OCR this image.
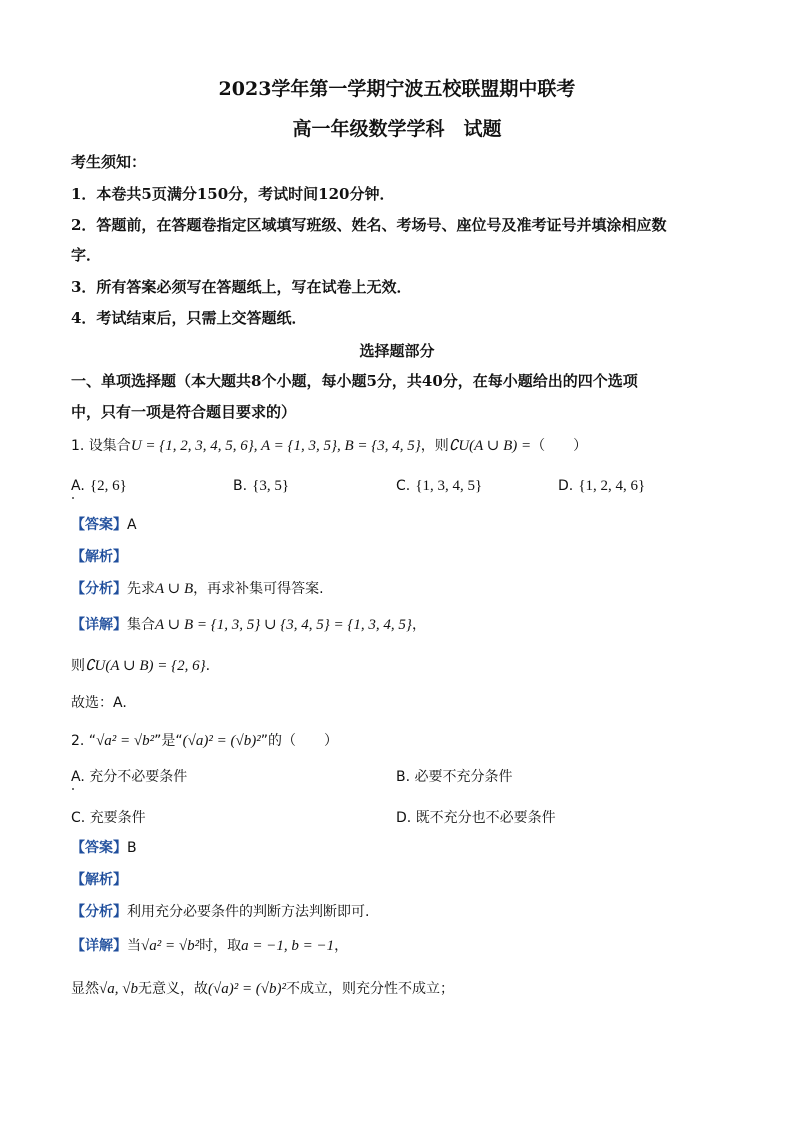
2023学年第一学期宁波五校联盟期中联考
高一年级数学学科　试题
考生须知：
1．本卷共5页满分150分，考试时间120分钟．
2．答题前，在答题卷指定区域填写班级、姓名、考场号、座位号及准考证号并填涂相应数
字．
3．所有答案必须写在答题纸上，写在试卷上无效．
4．考试结束后，只需上交答题纸．
选择题部分
一、单项选择题（本大题共8个小题，每小题5分，共40分，在每小题给出的四个选项
中，只有一项是符合题目要求的）
1. 设集合U = {1, 2, 3, 4, 5, 6}, A = {1, 3, 5}, B = {3, 4, 5}，则∁U(A ∪ B) =（　　）
A. {2, 6}	B. {3, 5}	C. {1, 3, 4, 5}	D. {1, 2, 4, 6}
【答案】A
【解析】
【分析】先求A ∪ B，再求补集可得答案.
【详解】集合A ∪ B = {1, 3, 5} ∪ {3, 4, 5} = {1, 3, 4, 5}，
则∁U(A ∪ B) = {2, 6}.
故选：A.
2. “√a² = √b²”是“(√a)² = (√b)²”的（　　）
A. 充分不必要条件	B. 必要不充分条件
C. 充要条件	D. 既不充分也不必要条件
【答案】B
【解析】
【分析】利用充分必要条件的判断方法判断即可.
【详解】当√a² = √b²时，取a = −1, b = −1，
显然√a, √b无意义，故(√a)² = (√b)²不成立，则充分性不成立；
